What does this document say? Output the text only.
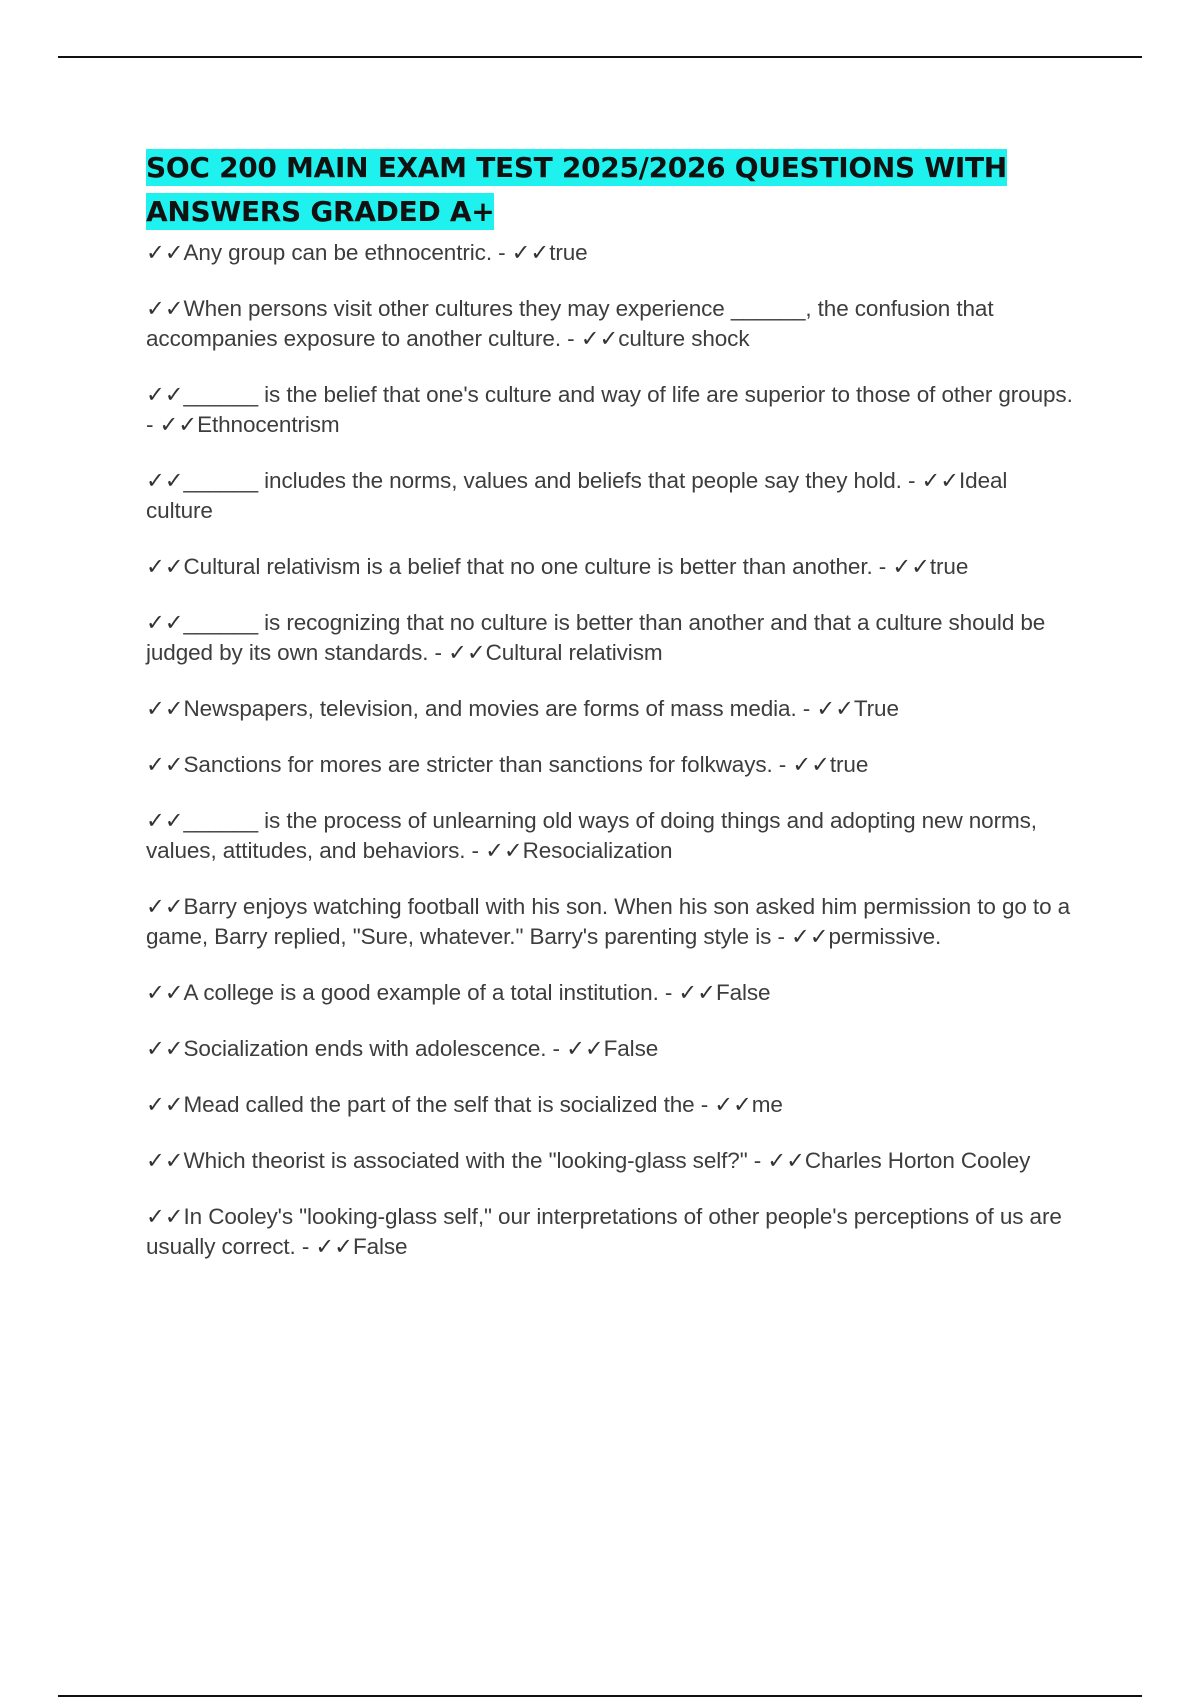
SOC 200 MAIN EXAM TEST 2025/2026 QUESTIONS WITH ANSWERS GRADED A+
✓✓Any group can be ethnocentric. - ✓✓true
✓✓When persons visit other cultures they may experience ______, the confusion that accompanies exposure to another culture. - ✓✓culture shock
✓✓______ is the belief that one's culture and way of life are superior to those of other groups. - ✓✓Ethnocentrism
✓✓______ includes the norms, values and beliefs that people say they hold. - ✓✓Ideal culture
✓✓Cultural relativism is a belief that no one culture is better than another. - ✓✓true
✓✓______ is recognizing that no culture is better than another and that a culture should be judged by its own standards. - ✓✓Cultural relativism
✓✓Newspapers, television, and movies are forms of mass media. - ✓✓True
✓✓Sanctions for mores are stricter than sanctions for folkways. - ✓✓true
✓✓______ is the process of unlearning old ways of doing things and adopting new norms, values, attitudes, and behaviors. - ✓✓Resocialization
✓✓Barry enjoys watching football with his son. When his son asked him permission to go to a game, Barry replied, "Sure, whatever." Barry's parenting style is - ✓✓permissive.
✓✓A college is a good example of a total institution. - ✓✓False
✓✓Socialization ends with adolescence. - ✓✓False
✓✓Mead called the part of the self that is socialized the - ✓✓me
✓✓Which theorist is associated with the "looking-glass self?" - ✓✓Charles Horton Cooley
✓✓In Cooley's "looking-glass self," our interpretations of other people's perceptions of us are usually correct. - ✓✓False
